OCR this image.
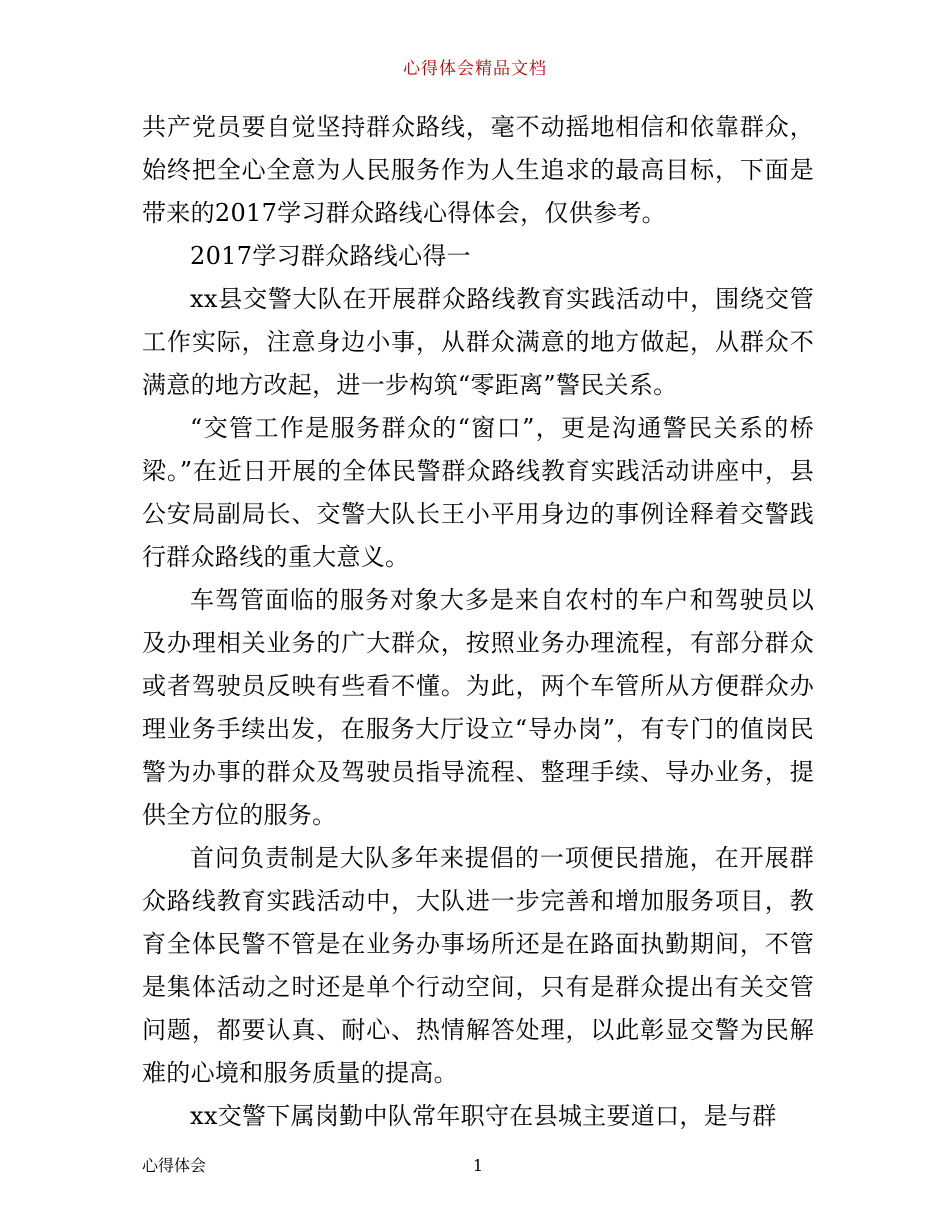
心得体会精品文档

共产党员要自觉坚持群众路线，毫不动摇地相信和依靠群众，始终把全心全意为人民服务作为人生追求的最高目标，下面是带来的2017学习群众路线心得体会，仅供参考。

2017学习群众路线心得一

xx县交警大队在开展群众路线教育实践活动中，围绕交管工作实际，注意身边小事，从群众满意的地方做起，从群众不满意的地方改起，进一步构筑“零距离”警民关系。

“交管工作是服务群众的“窗口”，更是沟通警民关系的桥梁。”在近日开展的全体民警群众路线教育实践活动讲座中，县公安局副局长、交警大队长王小平用身边的事例诠释着交警践行群众路线的重大意义。

车驾管面临的服务对象大多是来自农村的车户和驾驶员以及办理相关业务的广大群众，按照业务办理流程，有部分群众或者驾驶员反映有些看不懂。为此，两个车管所从方便群众办理业务手续出发，在服务大厅设立“导办岗”，有专门的值岗民警为办事的群众及驾驶员指导流程、整理手续、导办业务，提供全方位的服务。

首问负责制是大队多年来提倡的一项便民措施，在开展群众路线教育实践活动中，大队进一步完善和增加服务项目，教育全体民警不管是在业务办事场所还是在路面执勤期间，不管是集体活动之时还是单个行动空间，只有是群众提出有关交管问题，都要认真、耐心、热情解答处理，以此彰显交警为民解难的心境和服务质量的提高。

xx交警下属岗勤中队常年职守在县城主要道口，是与群

心得体会	1
